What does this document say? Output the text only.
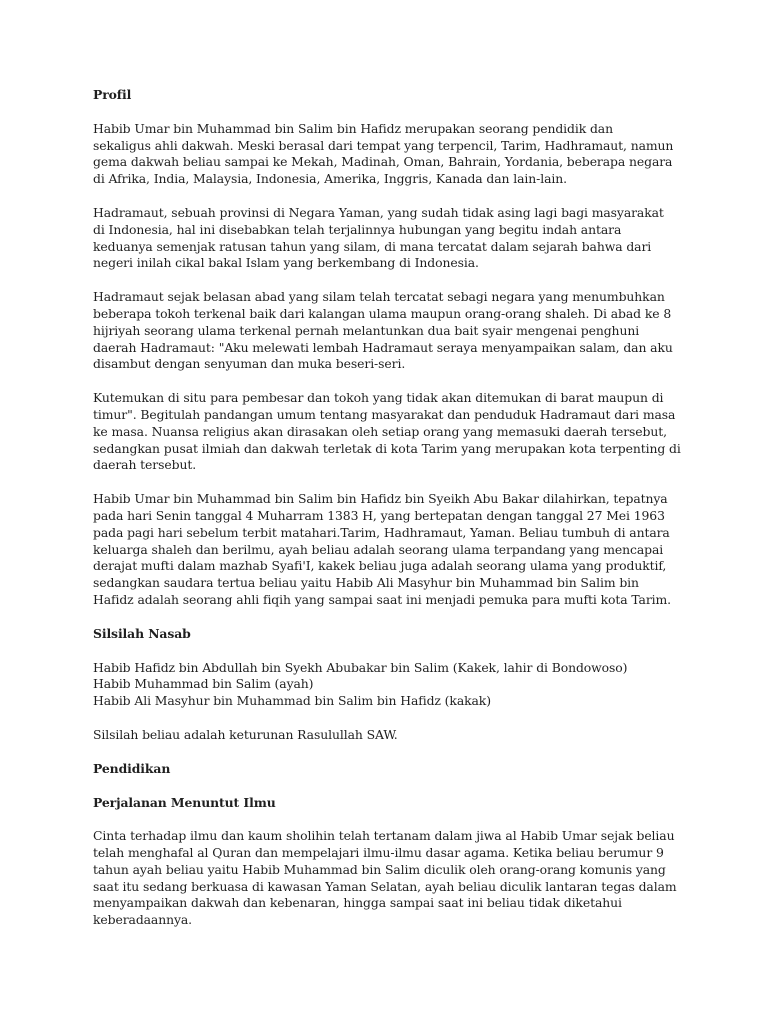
Profil

Habib Umar bin Muhammad bin Salim bin Hafidz merupakan seorang pendidik dan
sekaligus ahli dakwah. Meski berasal dari tempat yang terpencil, Tarim, Hadhramaut, namun
gema dakwah beliau sampai ke Mekah, Madinah, Oman, Bahrain, Yordania, beberapa negara
di Afrika, India, Malaysia, Indonesia, Amerika, Inggris, Kanada dan lain-lain.

Hadramaut, sebuah provinsi di Negara Yaman, yang sudah tidak asing lagi bagi masyarakat
di Indonesia, hal ini disebabkan telah terjalinnya hubungan yang begitu indah antara
keduanya semenjak ratusan tahun yang silam, di mana tercatat dalam sejarah bahwa dari
negeri inilah cikal bakal Islam yang berkembang di Indonesia.

Hadramaut sejak belasan abad yang silam telah tercatat sebagi negara yang menumbuhkan
beberapa tokoh terkenal baik dari kalangan ulama maupun orang-orang shaleh. Di abad ke 8
hijriyah seorang ulama terkenal pernah melantunkan dua bait syair mengenai penghuni
daerah Hadramaut: "Aku melewati lembah Hadramaut seraya menyampaikan salam, dan aku
disambut dengan senyuman dan muka beseri-seri.

Kutemukan di situ para pembesar dan tokoh yang tidak akan ditemukan di barat maupun di
timur". Begitulah pandangan umum tentang masyarakat dan penduduk Hadramaut dari masa
ke masa. Nuansa religius akan dirasakan oleh setiap orang yang memasuki daerah tersebut,
sedangkan pusat ilmiah dan dakwah terletak di kota Tarim yang merupakan kota terpenting di
daerah tersebut.

Habib Umar bin Muhammad bin Salim bin Hafidz bin Syeikh Abu Bakar dilahirkan, tepatnya
pada hari Senin tanggal 4 Muharram 1383 H, yang bertepatan dengan tanggal 27 Mei 1963
pada pagi hari sebelum terbit matahari.Tarim, Hadhramaut, Yaman. Beliau tumbuh di antara
keluarga shaleh dan berilmu, ayah beliau adalah seorang ulama terpandang yang mencapai
derajat mufti dalam mazhab Syafi'I, kakek beliau juga adalah seorang ulama yang produktif,
sedangkan saudara tertua beliau yaitu Habib Ali Masyhur bin Muhammad bin Salim bin
Hafidz adalah seorang ahli fiqih yang sampai saat ini menjadi pemuka para mufti kota Tarim.

Silsilah Nasab

Habib Hafidz bin Abdullah bin Syekh Abubakar bin Salim (Kakek, lahir di Bondowoso)
Habib Muhammad bin Salim (ayah)
Habib Ali Masyhur bin Muhammad bin Salim bin Hafidz (kakak)

Silsilah beliau adalah keturunan Rasulullah SAW.

Pendidikan
Perjalanan Menuntut Ilmu

Cinta terhadap ilmu dan kaum sholihin telah tertanam dalam jiwa al Habib Umar sejak beliau
telah menghafal al Quran dan mempelajari ilmu-ilmu dasar agama. Ketika beliau berumur 9
tahun ayah beliau yaitu Habib Muhammad bin Salim diculik oleh orang-orang komunis yang
saat itu sedang berkuasa di kawasan Yaman Selatan, ayah beliau diculik lantaran tegas dalam
menyampaikan dakwah dan kebenaran, hingga sampai saat ini beliau tidak diketahui
keberadaannya.
